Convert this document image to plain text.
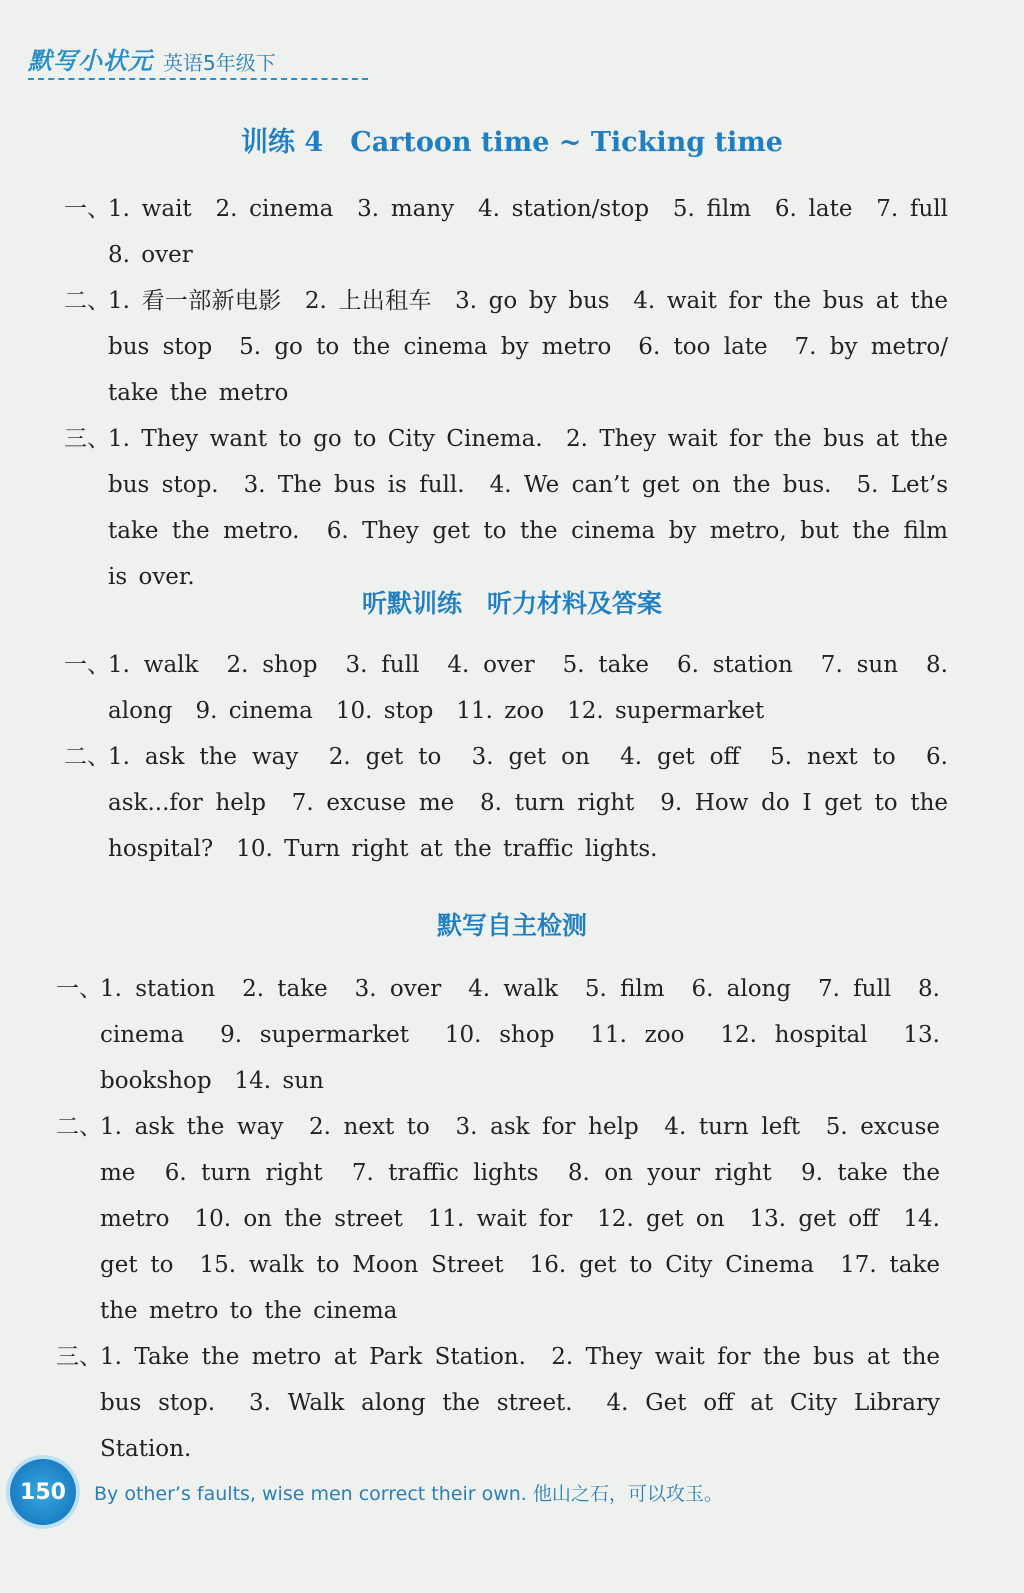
默写小状元 英语5年级下
训练 4　Cartoon time ~ Ticking time
一、
1. wait　2. cinema　3. many　4. station/stop　5. film　6. late　7. full　8. over
二、
1. 看一部新电影　2. 上出租车　3. go by bus　4. wait for the bus at the bus stop　5. go to the cinema by metro　6. too late　7. by metro/ take the metro
三、
1. They want to go to City Cinema.　2. They wait for the bus at the bus stop.　3. The bus is full.　4. We can’t get on the bus.　5. Let’s take the metro.　6. They get to the cinema by metro, but the film is over.
听默训练　听力材料及答案
一、
1. walk　2. shop　3. full　4. over　5. take　6. station　7. sun　8. along　9. cinema　10. stop　11. zoo　12. supermarket
二、
1. ask the way　2. get to　3. get on　4. get off　5. next to　6. ask...for help　7. excuse me　8. turn right　9. How do I get to the hospital?　10. Turn right at the traffic lights.
默写自主检测
一、
1. station　2. take　3. over　4. walk　5. film　6. along　7. full　8. cinema　9. supermarket　10. shop　11. zoo　12. hospital　13. bookshop　14. sun
二、
1. ask the way　2. next to　3. ask for help　4. turn left　5. excuse me　6. turn right　7. traffic lights　8. on your right　9. take the metro　10. on the street　11. wait for　12. get on　13. get off　14. get to　15. walk to Moon Street　16. get to City Cinema　17. take the metro to the cinema
三、
1. Take the metro at Park Station.　2. They wait for the bus at the bus stop.　3. Walk along the street.　4. Get off at City Library Station.
150 By other’s faults, wise men correct their own. 他山之石，可以攻玉。
